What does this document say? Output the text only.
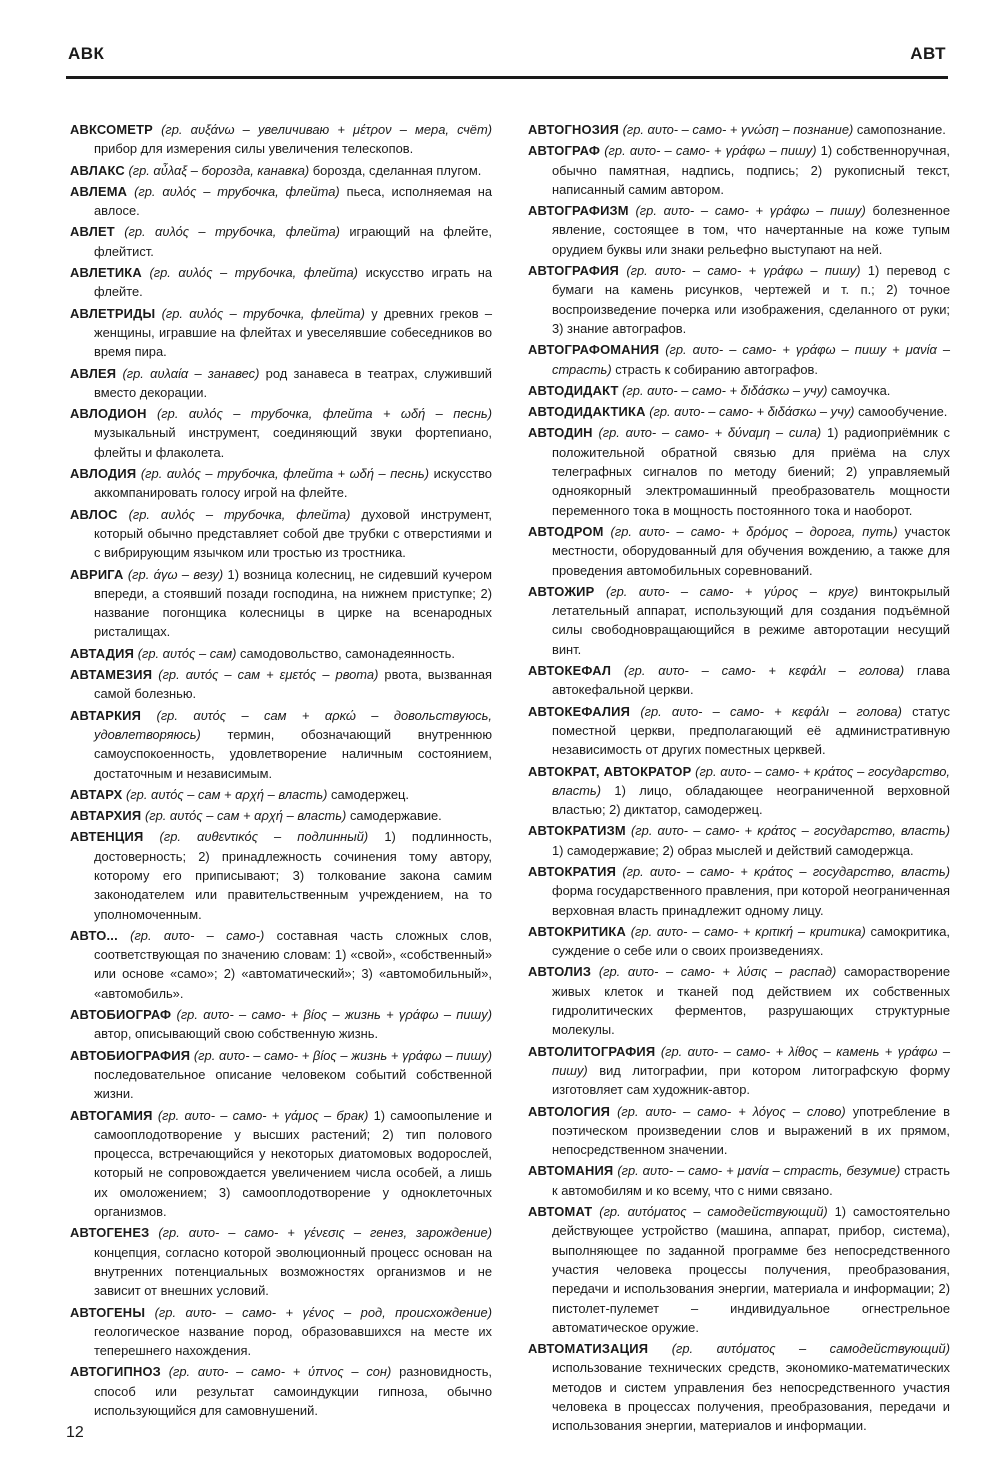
АВК	АВТ

АВКСОМЕТР (гр. αυξάνω – увеличиваю + μέτρον – мера, счёт) прибор для измерения силы увеличения телескопов.

АВЛАКС (гр. αὖλαξ – борозда, канавка) борозда, сделанная плугом.

АВЛЕМА (гр. αυλός – трубочка, флейта) пьеса, исполняемая на авлосе.

АВЛЕТ (гр. αυλός – трубочка, флейта) играющий на флейте, флейтист.

АВЛЕТИКА (гр. αυλός – трубочка, флейта) искусство играть на флейте.

АВЛЕТРИДЫ (гр. αυλός – трубочка, флейта) у древних греков – женщины, игравшие на флейтах и увеселявшие собеседников во время пира.

АВЛЕЯ (гр. αυλαία – занавес) род занавеса в театрах, служивший вместо декорации.

АВЛОДИОН (гр. αυλός – трубочка, флейта + ωδή – песнь) музыкальный инструмент, соединяющий звуки фортепиано, флейты и флаколета.

АВЛОДИЯ (гр. αυλός – трубочка, флейта + ωδή – песнь) искусство аккомпанировать голосу игрой на флейте.

АВЛОС (гр. αυλός – трубочка, флейта) духовой инструмент, который обычно представляет собой две трубки с отверстиями и с вибрирующим язычком или тростью из тростника.

АВРИГА (гр. άγω – везу) 1) возница колесниц, не сидевший кучером впереди, а стоявший позади господина, на нижнем приступке; 2) название погонщика колесницы в цирке на всенародных ристалищах.

АВТАДИЯ (гр. αυτός – сам) самодовольство, самонадеянность.

АВТАМЕЗИЯ (гр. αυτός – сам + εμετός – рвота) рвота, вызванная самой болезнью.

АВТАРКИЯ (гр. αυτός – сам + αρκώ – довольствуюсь, удовлетворяюсь) термин, обозначающий внутреннюю самоуспокоенность, удовлетворение наличным состоянием, достаточным и независимым.

АВТАРХ (гр. αυτός – сам + αρχή – власть) самодержец.

АВТАРХИЯ (гр. αυτός – сам + αρχή – власть) самодержавие.

АВТЕНЦИЯ (гр. αυθεντικός – подлинный) 1) подлинность, достоверность; 2) принадлежность сочинения тому автору, которому его приписывают; 3) толкование закона самим законодателем или правительственным учреждением, на то уполномоченным.

АВТО... (гр. αυτο- – само-) составная часть сложных слов, соответствующая по значению словам: 1) «свой», «собственный» или основе «само»; 2) «автоматический»; 3) «автомобильный», «автомобиль».

АВТОБИОГРАФ (гр. αυτο- – само- + βίος – жизнь + γράφω – пишу) автор, описывающий свою собственную жизнь.

АВТОБИОГРАФИЯ (гр. αυτο- – само- + βίος – жизнь + γράφω – пишу) последовательное описание человеком событий собственной жизни.

АВТОГАМИЯ (гр. αυτο- – само- + γάμος – брак) 1) самоопыление и самооплодотворение у высших растений; 2) тип полового процесса, встречающийся у некоторых диатомовых водорослей, который не сопровождается увеличением числа особей, а лишь их омоложением; 3) самооплодотворение у одноклеточных организмов.

АВТОГЕНЕЗ (гр. αυτο- – само- + γένεσις – генез, зарождение) концепция, согласно которой эволюционный процесс основан на внутренних потенциальных возможностях организмов и не зависит от внешних условий.

АВТОГЕНЫ (гр. αυτο- – само- + γένος – род, происхождение) геологическое название пород, образовавшихся на месте их теперешнего нахождения.

АВТОГИПНОЗ (гр. αυτο- – само- + ύπνος – сон) разновидность, способ или результат самоиндукции гипноза, обычно использующийся для самовнушений.

АВТОГНОЗИЯ (гр. αυτο- – само- + γνώση – познание) самопознание.

АВТОГРАФ (гр. αυτο- – само- + γράφω – пишу) 1) собственноручная, обычно памятная, надпись, подпись; 2) рукописный текст, написанный самим автором.

АВТОГРАФИЗМ (гр. αυτο- – само- + γράφω – пишу) болезненное явление, состоящее в том, что начертанные на коже тупым орудием буквы или знаки рельефно выступают на ней.

АВТОГРАФИЯ (гр. αυτο- – само- + γράφω – пишу) 1) перевод с бумаги на камень рисунков, чертежей и т. п.; 2) точное воспроизведение почерка или изображения, сделанного от руки; 3) знание автографов.

АВТОГРАФОМАНИЯ (гр. αυτο- – само- + γράφω – пишу + μανία – страсть) страсть к собиранию автографов.

АВТОДИДАКТ (гр. αυτο- – само- + διδάσκω – учу) самоучка.

АВТОДИДАКТИКА (гр. αυτο- – само- + διδάσκω – учу) самообучение.

АВТОДИН (гр. αυτο- – само- + δύναμη – сила) 1) радиоприёмник с положительной обратной связью для приёма на слух телеграфных сигналов по методу биений; 2) управляемый одноякорный электромашинный преобразователь мощности переменного тока в мощность постоянного тока и наоборот.

АВТОДРОМ (гр. αυτο- – само- + δρόμος – дорога, путь) участок местности, оборудованный для обучения вождению, а также для проведения автомобильных соревнований.

АВТОЖИР (гр. αυτο- – само- + γύρος – круг) винтокрылый летательный аппарат, использующий для создания подъёмной силы свободновращающийся в режиме авторотации несущий винт.

АВТОКЕФАЛ (гр. αυτο- – само- + κεφάλι – голова) глава автокефальной церкви.

АВТОКЕФАЛИЯ (гр. αυτο- – само- + κεφάλι – голова) статус поместной церкви, предполагающий её административную независимость от других поместных церквей.

АВТОКРАТ, АВТОКРАТОР (гр. αυτο- – само- + κράτος – государство, власть) 1) лицо, обладающее неограниченной верховной властью; 2) диктатор, самодержец.

АВТОКРАТИЗМ (гр. αυτο- – само- + κράτος – государство, власть) 1) самодержавие; 2) образ мыслей и действий самодержца.

АВТОКРАТИЯ (гр. αυτο- – само- + κράτος – государство, власть) форма государственного правления, при которой неограниченная верховная власть принадлежит одному лицу.

АВТОКРИТИКА (гр. αυτο- – само- + κριτική – критика) самокритика, суждение о себе или о своих произведениях.

АВТОЛИЗ (гр. αυτο- – само- + λύσις – распад) саморастворение живых клеток и тканей под действием их собственных гидролитических ферментов, разрушающих структурные молекулы.

АВТОЛИТОГРАФИЯ (гр. αυτο- – само- + λίθος – камень + γράφω – пишу) вид литографии, при котором литографскую форму изготовляет сам художник-автор.

АВТОЛОГИЯ (гр. αυτο- – само- + λόγος – слово) употребление в поэтическом произведении слов и выражений в их прямом, непосредственном значении.

АВТОМАНИЯ (гр. αυτο- – само- + μανία – страсть, безумие) страсть к автомобилям и ко всему, что с ними связано.

АВТОМАТ (гр. αυτόματος – самодействующий) 1) самостоятельно действующее устройство (машина, аппарат, прибор, система), выполняющее по заданной программе без непосредственного участия человека процессы получения, преобразования, передачи и использования энергии, материала и информации; 2) пистолет-пулемет – индивидуальное огнестрельное автоматическое оружие.

АВТОМАТИЗАЦИЯ (гр. αυτόματος – самодействующий) использование технических средств, экономико-математических методов и систем управления без непосредственного участия человека в процессах получения, преобразования, передачи и использования энергии, материалов и информации.

12
